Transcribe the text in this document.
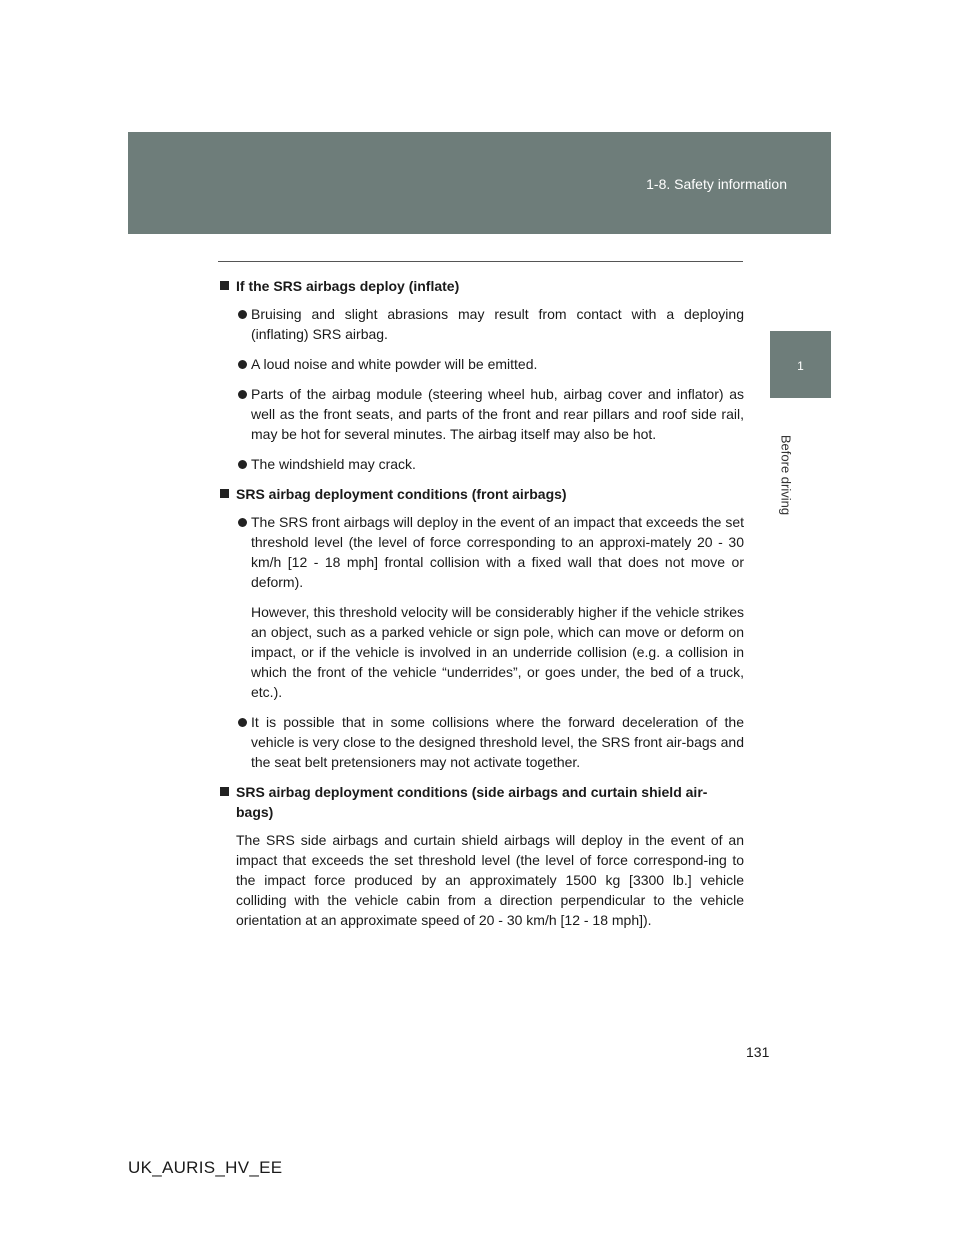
1-8. Safety information
1
Before driving
If the SRS airbags deploy (inflate)
Bruising and slight abrasions may result from contact with a deploying (inflating) SRS airbag.
A loud noise and white powder will be emitted.
Parts of the airbag module (steering wheel hub, airbag cover and inflator) as well as the front seats, and parts of the front and rear pillars and roof side rail, may be hot for several minutes. The airbag itself may also be hot.
The windshield may crack.
SRS airbag deployment conditions (front airbags)
The SRS front airbags will deploy in the event of an impact that exceeds the set threshold level (the level of force corresponding to an approxi-mately 20 - 30 km/h [12 - 18 mph] frontal collision with a fixed wall that does not move or deform).
However, this threshold velocity will be considerably higher if the vehicle strikes an object, such as a parked vehicle or sign pole, which can move or deform on impact, or if the vehicle is involved in an underride collision (e.g. a collision in which the front of the vehicle “underrides”, or goes under, the bed of a truck, etc.).
It is possible that in some collisions where the forward deceleration of the vehicle is very close to the designed threshold level, the SRS front air-bags and the seat belt pretensioners may not activate together.
SRS airbag deployment conditions (side airbags and curtain shield air-bags)
The SRS side airbags and curtain shield airbags will deploy in the event of an impact that exceeds the set threshold level (the level of force correspond-ing to the impact force produced by an approximately 1500 kg [3300 lb.] vehicle colliding with the vehicle cabin from a direction perpendicular to the vehicle orientation at an approximate speed of 20 - 30 km/h [12 - 18 mph]).
131
UK_AURIS_HV_EE
